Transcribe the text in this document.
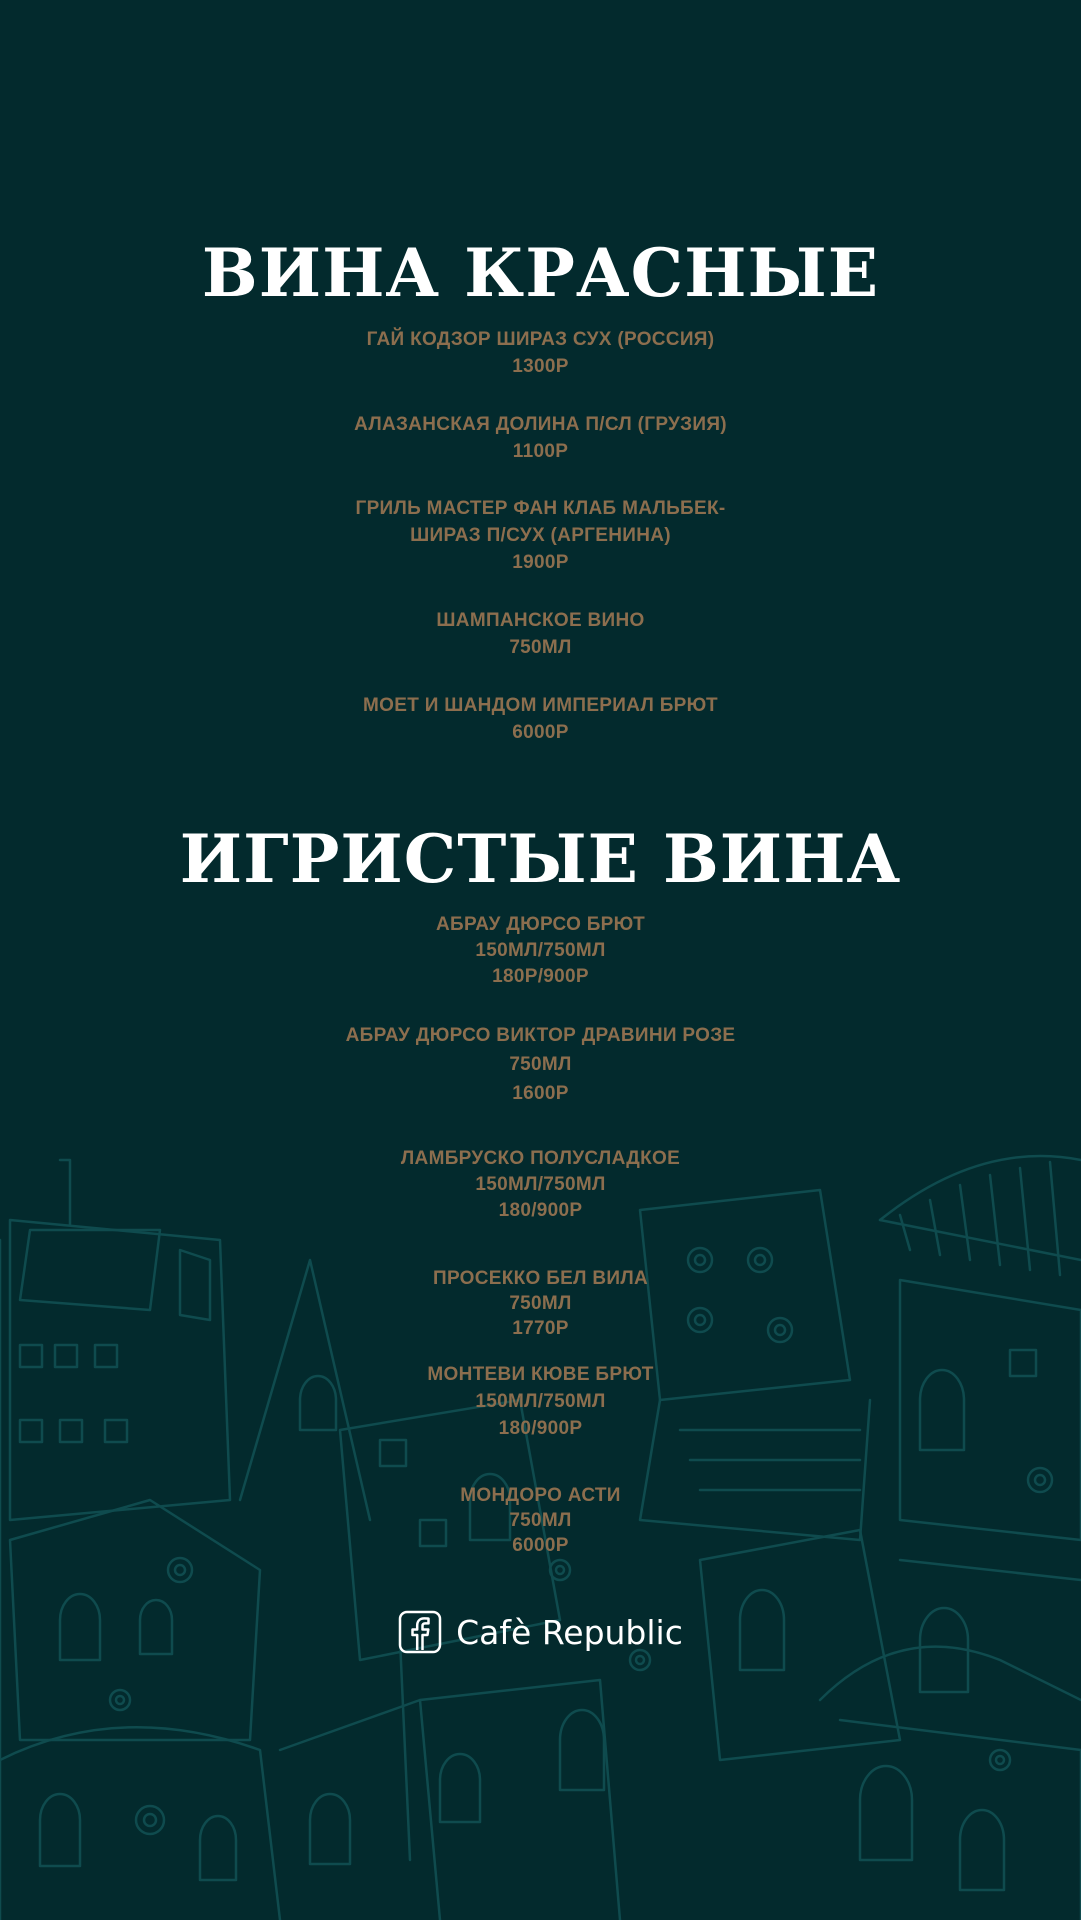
ВИНА КРАСНЫЕ
ГАЙ КОДЗОР ШИРАЗ СУХ (РОССИЯ)
1300Р
АЛАЗАНСКАЯ ДОЛИНА П/СЛ (ГРУЗИЯ)
1100Р
ГРИЛЬ МАСТЕР ФАН КЛАБ МАЛЬБЕК-
ШИРАЗ П/СУХ (АРГЕНИНА)
1900Р
ШАМПАНСКОЕ ВИНО
750МЛ
МОЕТ И ШАНДОМ ИМПЕРИАЛ БРЮТ
6000Р
ИГРИСТЫЕ ВИНА
АБРАУ ДЮРСО БРЮТ
150МЛ/750МЛ
180Р/900Р
АБРАУ ДЮРСО ВИКТОР ДРАВИНИ РОЗЕ
750МЛ
1600Р
ЛАМБРУСКО ПОЛУСЛАДКОЕ
150МЛ/750МЛ
180/900Р
ПРОСЕККО БЕЛ ВИЛА
750МЛ
1770Р
МОНТЕВИ КЮВЕ БРЮТ
150МЛ/750МЛ
180/900Р
МОНДОРО АСТИ
750МЛ
6000Р
Cafè Republic
